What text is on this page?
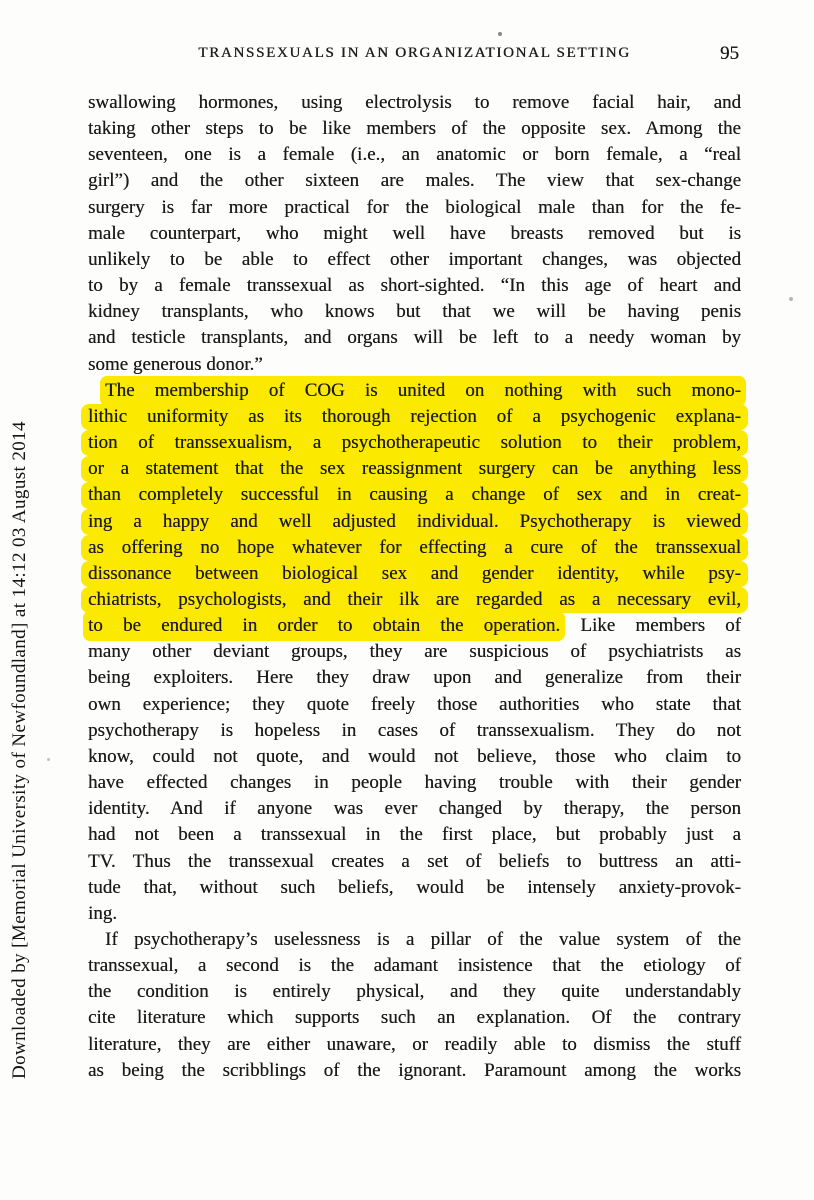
TRANSSEXUALS IN AN ORGANIZATIONAL SETTING	95
swallowing hormones, using electrolysis to remove facial hair, and
taking other steps to be like members of the opposite sex. Among the
seventeen, one is a female (i.e., an anatomic or born female, a “real
girl”) and the other sixteen are males. The view that sex-change
surgery is far more practical for the biological male than for the fe-
male counterpart, who might well have breasts removed but is
unlikely to be able to effect other important changes, was objected
to by a female transsexual as short-sighted. “In this age of heart and
kidney transplants, who knows but that we will be having penis
and testicle transplants, and organs will be left to a needy woman by
some generous donor.”
The membership of COG is united on nothing with such mono-
lithic uniformity as its thorough rejection of a psychogenic explana-
tion of transsexualism, a psychotherapeutic solution to their problem,
or a statement that the sex reassignment surgery can be anything less
than completely successful in causing a change of sex and in creat-
ing a happy and well adjusted individual. Psychotherapy is viewed
as offering no hope whatever for effecting a cure of the transsexual
dissonance between biological sex and gender identity, while psy-
chiatrists, psychologists, and their ilk are regarded as a necessary evil,
to be endured in order to obtain the operation. Like members of
many other deviant groups, they are suspicious of psychiatrists as
being exploiters. Here they draw upon and generalize from their
own experience; they quote freely those authorities who state that
psychotherapy is hopeless in cases of transsexualism. They do not
know, could not quote, and would not believe, those who claim to
have effected changes in people having trouble with their gender
identity. And if anyone was ever changed by therapy, the person
had not been a transsexual in the first place, but probably just a
TV. Thus the transsexual creates a set of beliefs to buttress an atti-
tude that, without such beliefs, would be intensely anxiety-provok-
ing.
If psychotherapy’s uselessness is a pillar of the value system of the
transsexual, a second is the adamant insistence that the etiology of
the condition is entirely physical, and they quite understandably
cite literature which supports such an explanation. Of the contrary
literature, they are either unaware, or readily able to dismiss the stuff
as being the scribblings of the ignorant. Paramount among the works
Downloaded by [Memorial University of Newfoundland] at 14:12 03 August 2014
